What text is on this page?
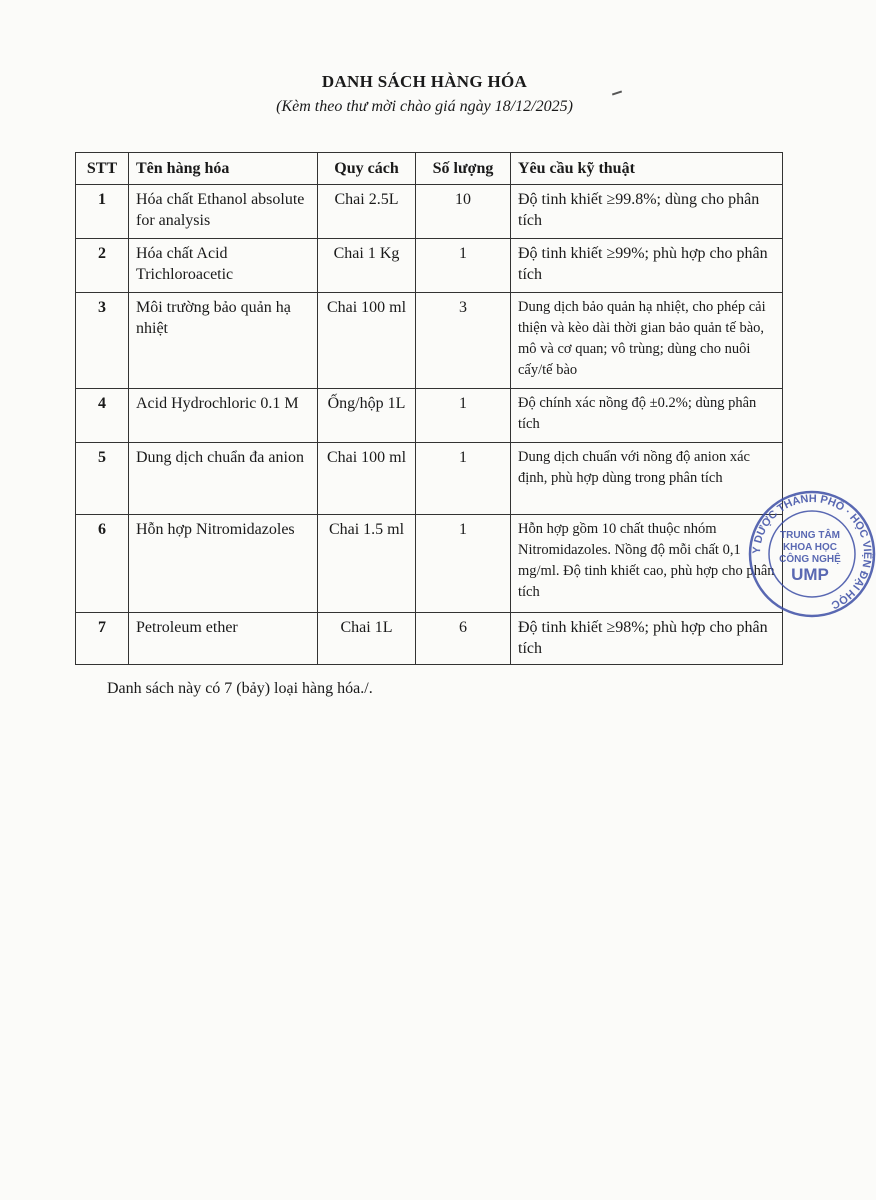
DANH SÁCH HÀNG HÓA
(Kèm theo thư mời chào giá ngày 18/12/2025)
STT	Tên hàng hóa	Quy cách	Số lượng	Yêu cầu kỹ thuật
1	Hóa chất Ethanol absolute for analysis	Chai 2.5L	10	Độ tinh khiết ≥99.8%; dùng cho phân tích
2	Hóa chất Acid Trichloroacetic	Chai 1 Kg	1	Độ tinh khiết ≥99%; phù hợp cho phân tích
3	Môi trường bảo quản hạ nhiệt	Chai 100 ml	3	Dung dịch bảo quản hạ nhiệt, cho phép cải thiện và kèo dài thời gian bảo quản tế bào, mô và cơ quan; vô trùng; dùng cho nuôi cấy/tế bào
4	Acid Hydrochloric 0.1 M	Ống/hộp 1L	1	Độ chính xác nồng độ ±0.2%; dùng phân tích
5	Dung dịch chuẩn đa anion	Chai 100 ml	1	Dung dịch chuẩn với nồng độ anion xác định, phù hợp dùng trong phân tích
6	Hỗn hợp Nitromidazoles	Chai 1.5 ml	1	Hỗn hợp gồm 10 chất thuộc nhóm Nitromidazoles. Nồng độ mỗi chất 0,1 mg/ml. Độ tinh khiết cao, phù hợp cho phân tích
7	Petroleum ether	Chai 1L	6	Độ tinh khiết ≥98%; phù hợp cho phân tích
Danh sách này có 7 (bảy) loại hàng hóa./.
Y DƯỢC THÀNH PHỐ · HỌC VIỆN ĐẠI HỌC
TRUNG TÂM
KHOA HỌC
CÔNG NGHỆ
UMP
